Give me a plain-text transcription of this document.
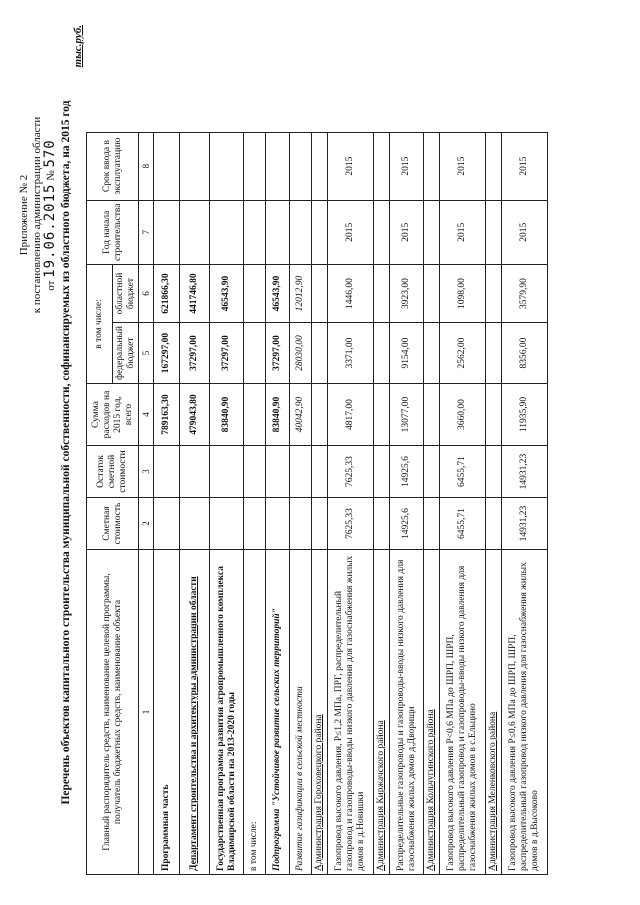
Приложение № 2 к постановлению администрации области от 19.06.2015 № 570 Перечень объектов капитального строительства муниципальной собственности, софинансируемых из областного бюджета, на 2015 год
тыс.руб.
Главный распорядитель средств, наименование целевой программы, получатель бюджетных средств, наименование объекта	Сметная стоимость	Остаток сметной стоимости	Сумма расходов на 2015 год, всего	в том числе:		Год начала строительства	Срок ввода в эксплуатацию
				федеральный бюджет	областной бюджет		
1	2	3	4	5	6	7	8
Программная часть			789163,30	167297,00	621866,30		
Департамент строительства и архитектуры администрации области			479043,80	37297,00	441746,80		
Государственная программа развития агропромышленного комплекса Владимирской области на 2013-2020 годы			83840,90	37297,00	46543,90		
в том числе:							
Подпрограмма "Устойчивое развитие сельских территорий"			83840,90	37297,00	46543,90		
Развитие газификации в сельской местности			40042,90	28030,00	12012,90		
Администрация Гороховецкого района							
Газопровод высокого давления, Р≤1,2 МПа, ПРГ, распределительный газопровод и газопроводы-вводы низкого давления для газоснабжения жилых домов в д.Новишки	7625,33	7625,33	4817,00	3371,00	1446,00	2015	2015
Администрация Киржачского района							
Распределительные газопроводы и газопроводы-вводы низкого давления для газоснабжения жилых домов д.Дворищи	14925,6	14925,6	13077,00	9154,00	3923,00	2015	2015
Администрация Кольчугинского района							
Газопровод высокого давления Р<0,6 МПа до ШРП, ШРП, распределительный газопровод и газопроводы-вводы низкого давления для газоснабжения жилых домов в с.Ельцино	6455,71	6455,71	3660,00	2562,00	1098,00	2015	2015
Администрация Меленковского района							
Газопровод высокого давления Р≤0,6 МПа до ШРП, ШРП, распределительный газопровод низкого давления для газоснабжения жилых домов в д.Высоково	14931,23	14931,23	11935,90	8356,00	3579,90	2015	2015
